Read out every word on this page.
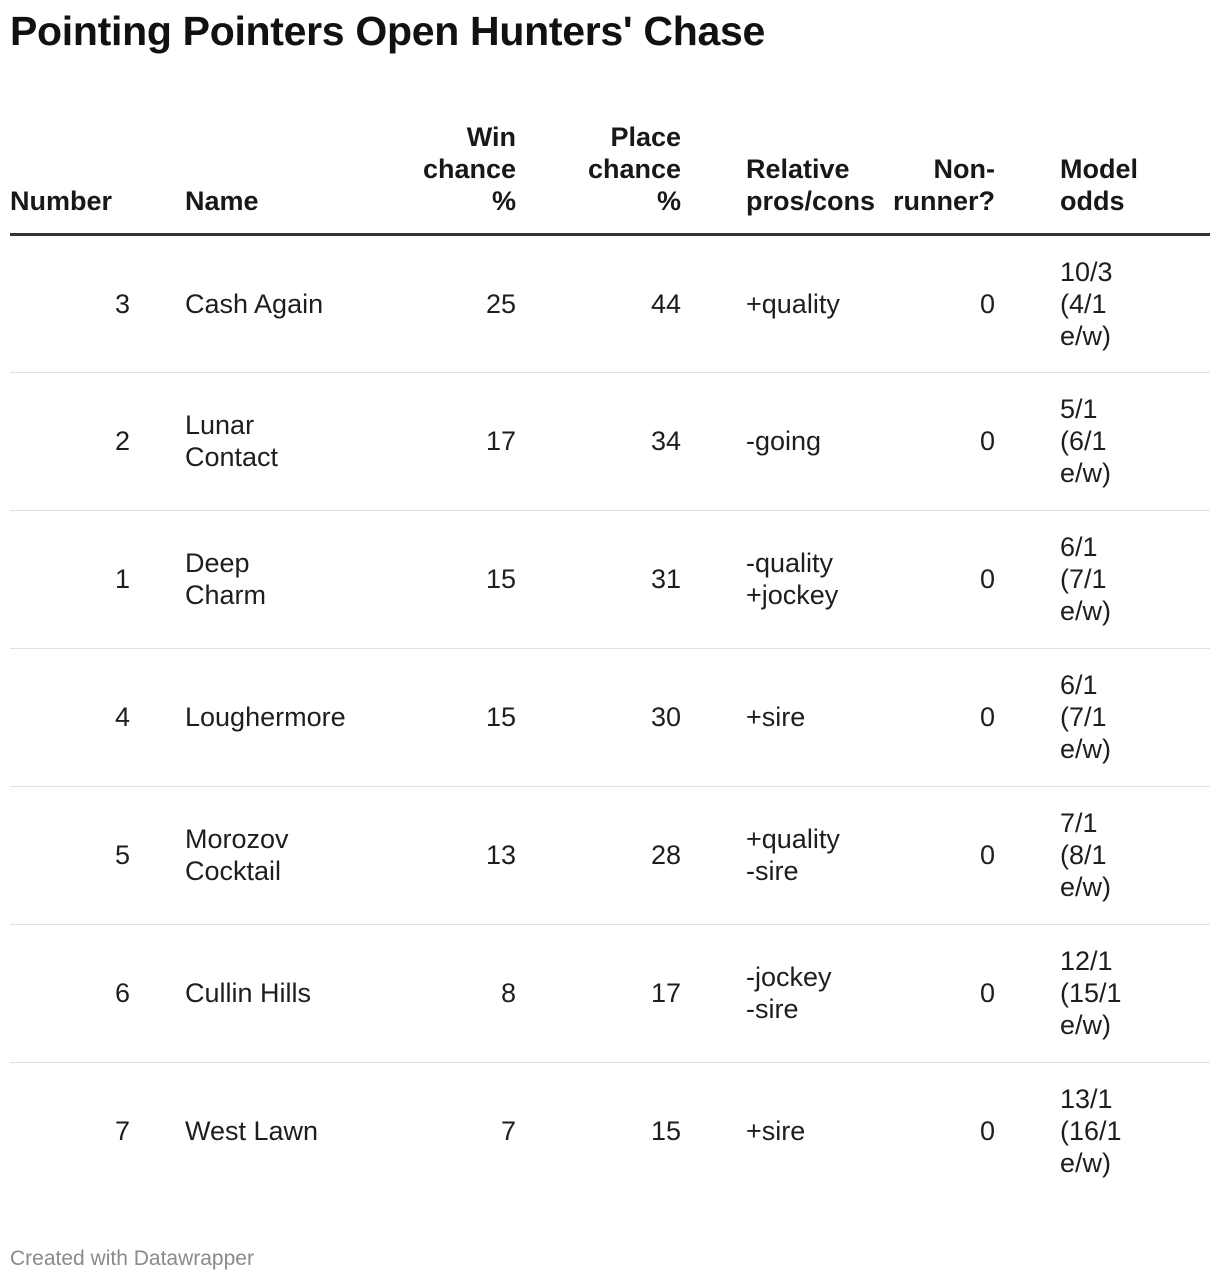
Pointing Pointers Open Hunters' Chase
Number	Name	Win
chance
%	Place
chance
%	Relative
pros/cons	Non-
runner?	Model
odds

3	Cash Again	25	44	+quality	0	10/3
(4/1
e/w)

2	Lunar
Contact	17	34	-going	0	5/1
(6/1
e/w)

1	Deep Charm	15	31	-quality
+jockey	0	6/1
(7/1
e/w)

4	Loughermore	15	30	+sire	0	6/1
(7/1
e/w)

5	Morozov
Cocktail	13	28	+quality
-sire	0	7/1
(8/1
e/w)

6	Cullin Hills	8	17	-jockey
-sire	0	12/1
(15/1
e/w)

7	West Lawn	7	15	+sire	0	13/1
(16/1
e/w)
Created with Datawrapper
